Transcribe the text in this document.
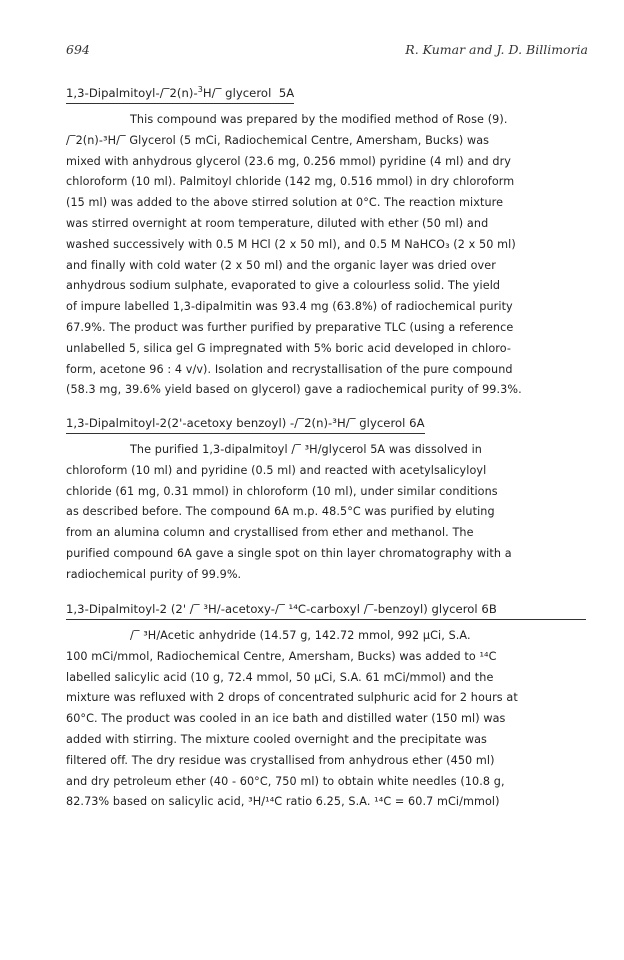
694	R. Kumar and J. D. Billimoria
1,3-Dipalmitoyl-/‾2(n)-$^3$H/‾ glycerol 5A

This compound was prepared by the modified method of Rose (9).

/‾2(n)-³H/‾ Glycerol (5 mCi, Radiochemical Centre, Amersham, Bucks) was

mixed with anhydrous glycerol (23.6 mg, 0.256 mmol) pyridine (4 ml) and dry

chloroform (10 ml). Palmitoyl chloride (142 mg, 0.516 mmol) in dry chloroform

(15 ml) was added to the above stirred solution at 0°C. The reaction mixture

was stirred overnight at room temperature, diluted with ether (50 ml) and

washed successively with 0.5 M HCl (2 x 50 ml), and 0.5 M NaHCO₃ (2 x 50 ml)

and finally with cold water (2 x 50 ml) and the organic layer was dried over

anhydrous sodium sulphate, evaporated to give a colourless solid. The yield

of impure labelled 1,3-dipalmitin was 93.4 mg (63.8%) of radiochemical purity

67.9%. The product was further purified by preparative TLC (using a reference

unlabelled 5, silica gel G impregnated with 5% boric acid developed in chloro-

form, acetone 96 : 4 v/v). Isolation and recrystallisation of the pure compound

(58.3 mg, 39.6% yield based on glycerol) gave a radiochemical purity of 99.3%.

1,3-Dipalmitoyl-2(2'-acetoxy benzoyl) -/‾2(n)-³H/‾ glycerol 6A

The purified 1,3-dipalmitoyl /‾ ³H/glycerol 5A was dissolved in

chloroform (10 ml) and pyridine (0.5 ml) and reacted with acetylsalicyloyl

chloride (61 mg, 0.31 mmol) in chloroform (10 ml), under similar conditions

as described before. The compound 6A m.p. 48.5°C was purified by eluting

from an alumina column and crystallised from ether and methanol. The

purified compound 6A gave a single spot on thin layer chromatography with a

radiochemical purity of 99.9%.

1,3-Dipalmitoyl-2 (2' /‾ ³H/-acetoxy-/‾ ¹⁴C-carboxyl /‾-benzoyl) glycerol 6B

/‾ ³H/Acetic anhydride (14.57 g, 142.72 mmol, 992 µCi, S.A.

100 mCi/mmol, Radiochemical Centre, Amersham, Bucks) was added to ¹⁴C

labelled salicylic acid (10 g, 72.4 mmol, 50 µCi, S.A. 61 mCi/mmol) and the

mixture was refluxed with 2 drops of concentrated sulphuric acid for 2 hours at

60°C. The product was cooled in an ice bath and distilled water (150 ml) was

added with stirring. The mixture cooled overnight and the precipitate was

filtered off. The dry residue was crystallised from anhydrous ether (450 ml)

and dry petroleum ether (40 - 60°C, 750 ml) to obtain white needles (10.8 g,

82.73% based on salicylic acid, ³H/¹⁴C ratio 6.25, S.A. ¹⁴C = 60.7 mCi/mmol)
